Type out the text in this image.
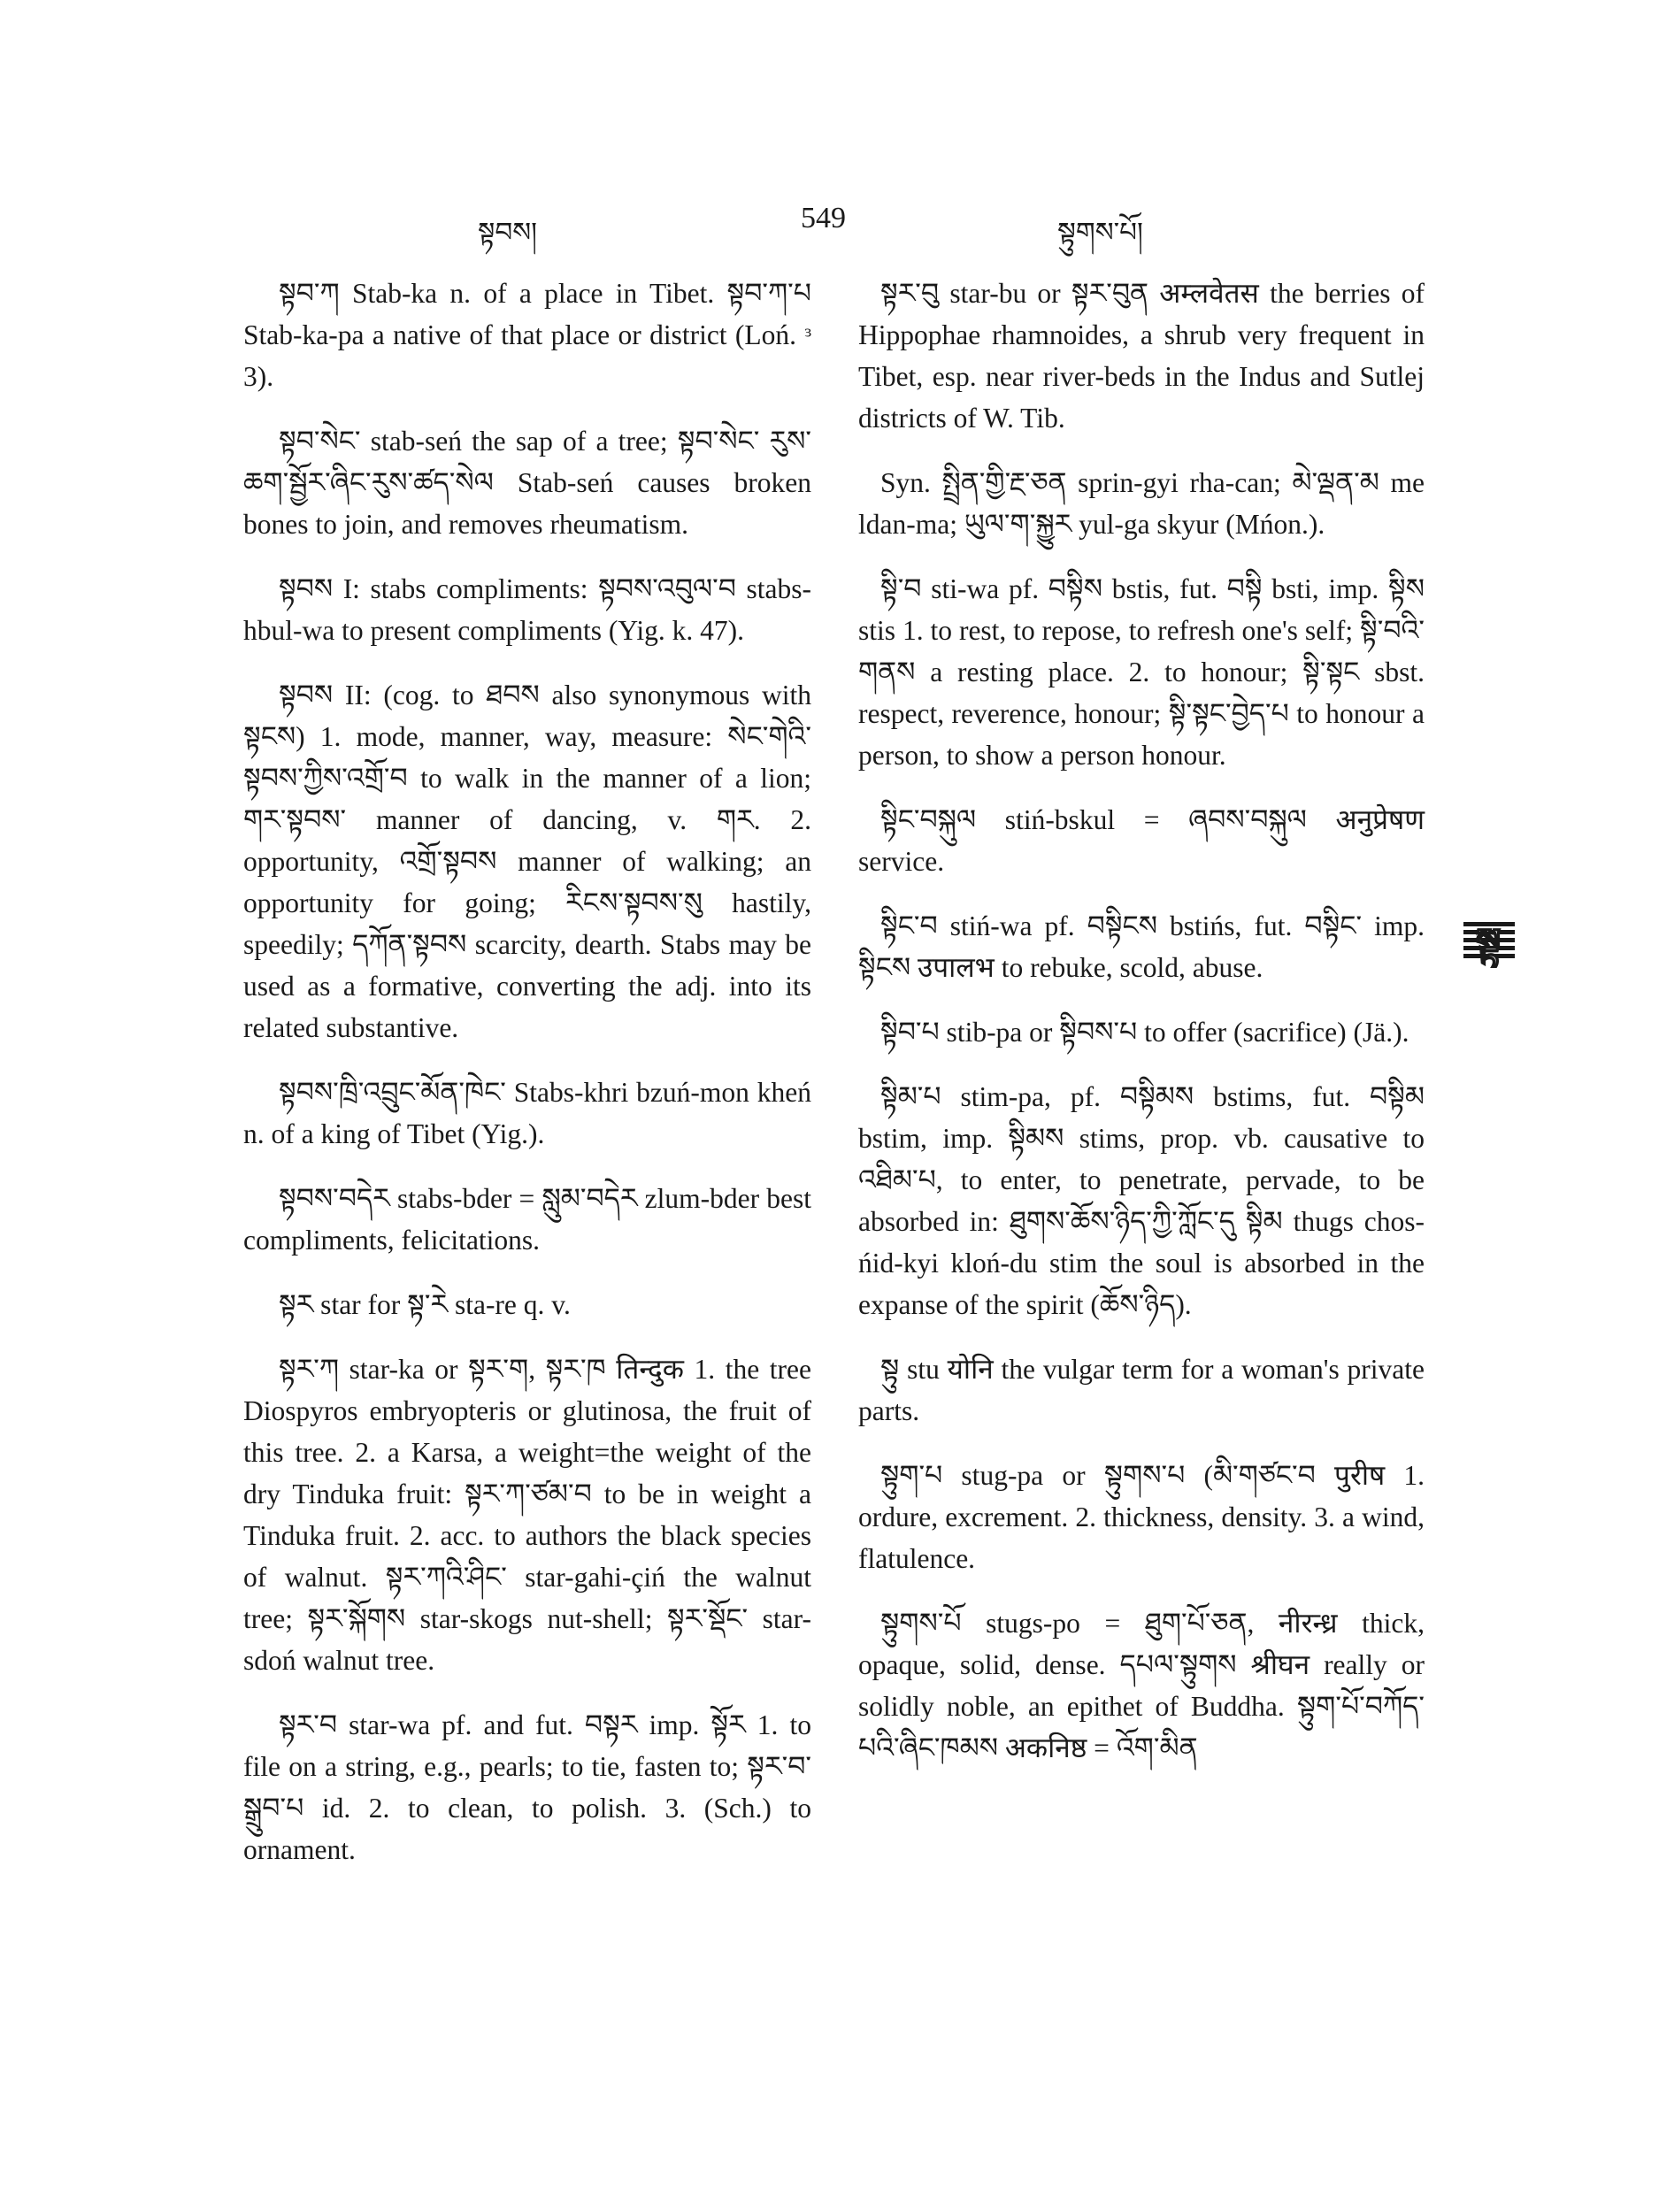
སྟབས།	549	སྟུགས་པོ།

སྟབ་ཀ Stab-ka n. of a place in Tibet. སྟབ་ཀ་པ Stab-ka-pa a native of that place or district (Loń. ᵌ 3).

སྟབ་སེང་ stab-seń the sap of a tree; སྟབ་སེང་ རུས་ཆག་སྦྱོར་ཞིང་རུས་ཚད་སེལ Stab-seń causes broken bones to join, and removes rheumatism.

སྟབས I: stabs compliments: སྟབས་འབུལ་བ stabs-hbul-wa to present compliments (Yig. k. 47).

སྟབས II: (cog. to ཐབས also synonymous with སྟངས) 1. mode, manner, way, measure: སེང་གེའི་སྟབས་ཀྱིས་འགྲོ་བ to walk in the manner of a lion; གར་སྟབས་ manner of dancing, v. གར. 2. opportunity, འགྲོ་སྟབས manner of walking; an opportunity for going; རིངས་སྟབས་སུ hastily, speedily; དཀོན་སྟབས scarcity, dearth. Stabs may be used as a formative, converting the adj. into its related substantive.

སྟབས་ཁྲི་འབྲུང་མོན་ཁེང་ Stabs-khri bzuń-mon kheń n. of a king of Tibet (Yig.).

སྟབས་བདེར stabs-bder = སླུམ་བདེར zlum-bder best compliments, felicitations.

སྟར star for སྟ་རེ sta-re q. v.

སྟར་ཀ star-ka or སྟར་ག, སྟར་ཁ तिन्दुक 1. the tree Diospyros embryopteris or glutinosa, the fruit of this tree. 2. a Karsa, a weight=the weight of the dry Tinduka fruit: སྟར་ཀ་ཙམ་བ to be in weight a Tinduka fruit. 2. acc. to authors the black species of walnut. སྟར་ཀའི་ཤིང་ star-gahi-çiń the walnut tree; སྟར་སྐོགས star-skogs nut-shell; སྟར་སྡོང་ star-sdoń walnut tree.

སྟར་བ star-wa pf. and fut. བསྟར imp. སྟོར 1. to file on a string, e.g., pearls; to tie, fasten to; སྟར་བ་སྒྲུབ་པ id. 2. to clean, to polish. 3. (Sch.) to ornament.

སྟར་བུ star-bu or སྟར་བུན अम्लवेतस the berries of Hippophae rhamnoides, a shrub very frequent in Tibet, esp. near river-beds in the Indus and Sutlej districts of W. Tib.

Syn. སྤྲིན་གྱི་རྔ་ཅན sprin-gyi rha-can; མེ་ལྡན་མ me ldan-ma; ཡུལ་ག་སྐྱུར yul-ga skyur (Mńon.).

སྟི་བ sti-wa pf. བསྟིས bstis, fut. བསྟི bsti, imp. སྟིས stis 1. to rest, to repose, to refresh one's self; སྟི་བའི་གནས a resting place. 2. to honour; སྟི་སྟང sbst. respect, reverence, honour; སྟི་སྟང་བྱེད་པ to honour a person, to show a person honour.

སྟིང་བསྐུལ stiń-bskul = ཞབས་བསྐུལ अनुप्रेषण service.

སྟིང་བ stiń-wa pf. བསྟིངས bstińs, fut. བསྟིང་ imp. སྟིངས उपालभ to rebuke, scold, abuse.

སྟིབ་པ stib-pa or སྟིབས་པ to offer (sacrifice) (Jä.).

སྟིམ་པ stim-pa, pf. བསྟིམས bstims, fut. བསྟིམ bstim, imp. སྟིམས stims, prop. vb. causative to འཐིམ་པ, to enter, to penetrate, pervade, to be absorbed in: ཐུགས་ཆོས་ཉིད་ཀྱི་ཀློང་དུ སྟིམ thugs chos-ńid-kyi kloń-du stim the soul is absorbed in the expanse of the spirit (ཆོས་ཉིད).

སྟུ stu योनि the vulgar term for a woman's private parts.

སྟུག་པ stug-pa or སྟུགས་པ (མི་གཙང་བ पुरीष 1. ordure, excrement. 2. thickness, density. 3. a wind, flatulence.

སྟུགས་པོ stugs-po = ཐུག་པོ་ཅན, नीरन्ध्र thick, opaque, solid, dense. དཔལ་སྟུགས श्रीघन really or solidly noble, an epithet of Buddha. སྟུག་པོ་བཀོད་པའི་ཞིང་ཁམས अकनिष्ठ = འོག་མིན

སྟ
